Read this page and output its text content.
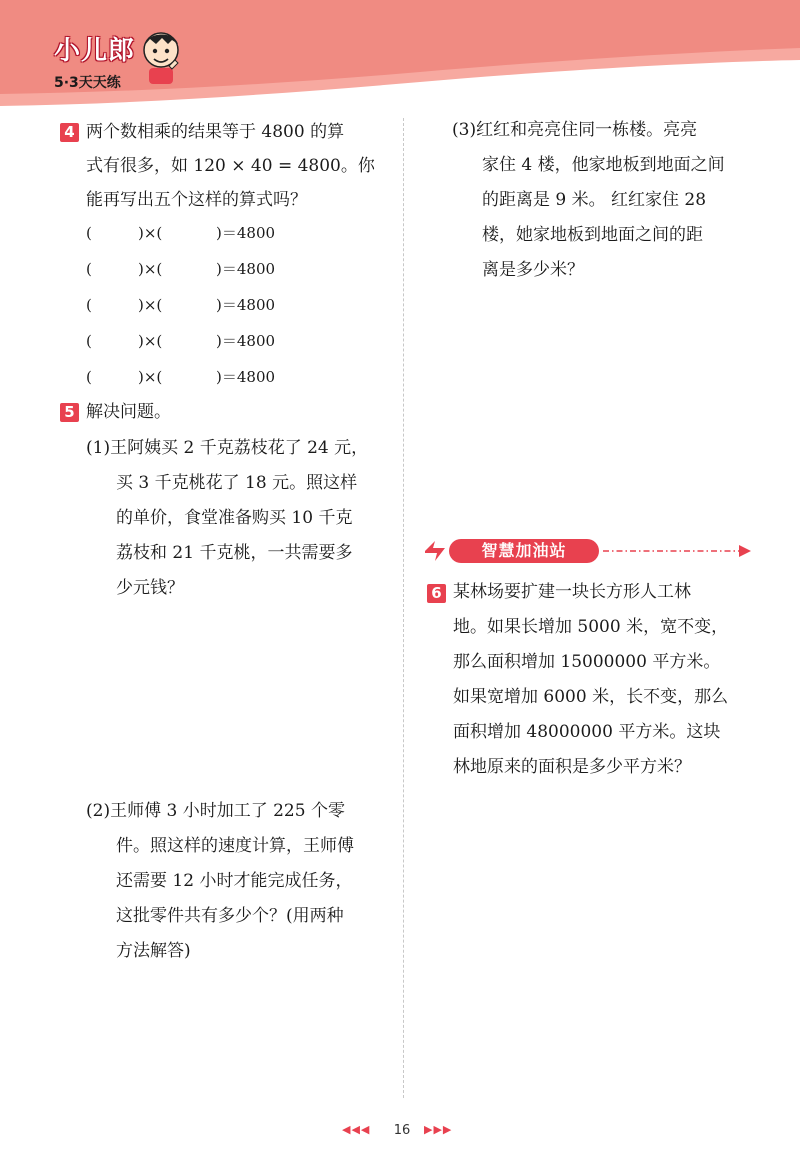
小儿郎
5·3天天练
4 两个数相乘的结果等于 4800 的算
式有很多，如 120 × 40 = 4800。你
能再写出五个这样的算式吗？
(	)×(	)＝4800
(	)×(	)＝4800
(	)×(	)＝4800
(	)×(	)＝4800
(	)×(	)＝4800
5 解决问题。
(1)王阿姨买 2 千克荔枝花了 24 元，
买 3 千克桃花了 18 元。照这样
的单价，食堂准备购买 10 千克
荔枝和 21 千克桃，一共需要多
少元钱？
(2)王师傅 3 小时加工了 225 个零
件。照这样的速度计算，王师傅
还需要 12 小时才能完成任务，
这批零件共有多少个？(用两种
方法解答)
(3)红红和亮亮住同一栋楼。亮亮
家住 4 楼，他家地板到地面之间
的距离是 9 米。 红红家住 28
楼，她家地板到地面之间的距
离是多少米？
智慧加油站
6 某林场要扩建一块长方形人工林
地。如果长增加 5000 米，宽不变，
那么面积增加 15000000 平方米。
如果宽增加 6000 米，长不变，那么
面积增加 48000000 平方米。这块
林地原来的面积是多少平方米？
◀◀◀ 16	▶▶▶
